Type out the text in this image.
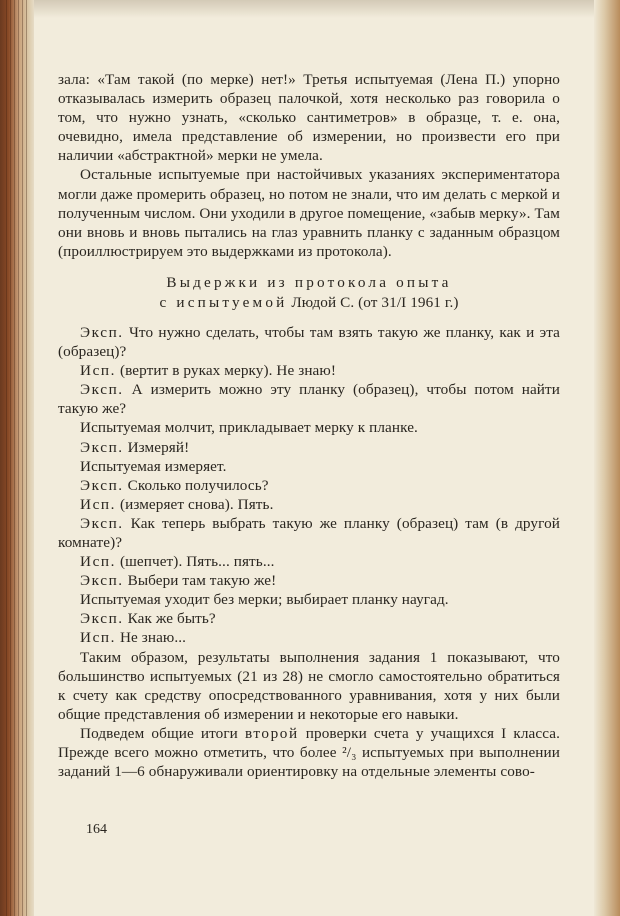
зала: «Там такой (по мерке) нет!» Третья испытуемая (Лена П.) упорно отказывалась измерить образец палочкой, хотя несколько раз говорила о том, что нужно узнать, «сколько сантиметров» в образце, т. е. она, очевидно, имела представление об измерении, но произвести его при наличии «абстрактной» мерки не умела.

Остальные испытуемые при настойчивых указаниях экспериментатора могли даже промерить образец, но потом не знали, что им делать с меркой и полученным числом. Они уходили в другое помещение, «забыв мерку». Там они вновь и вновь пытались на глаз уравнить планку с заданным образцом (проиллюстрируем это выдержками из протокола).

Выдержки из протокола опыта
с испытуемой Людой С. (от 31/I 1961 г.)

Эксп. Что нужно сделать, чтобы там взять такую же планку, как и эта (образец)?

Исп. (вертит в руках мерку). Не знаю!

Эксп. А измерить можно эту планку (образец), чтобы потом найти такую же?

Испытуемая молчит, прикладывает мерку к планке.

Эксп. Измеряй!

Испытуемая измеряет.

Эксп. Сколько получилось?

Исп. (измеряет снова). Пять.

Эксп. Как теперь выбрать такую же планку (образец) там (в другой комнате)?

Исп. (шепчет). Пять... пять...

Эксп. Выбери там такую же!

Испытуемая уходит без мерки; выбирает планку наугад.

Эксп. Как же быть?

Исп. Не знаю...

Таким образом, результаты выполнения задания 1 показывают, что большинство испытуемых (21 из 28) не смогло самостоятельно обратиться к счету как средству опосредствованного уравнивания, хотя у них были общие представления об измерении и некоторые его навыки.

Подведем общие итоги второй проверки счета у учащихся I класса. Прежде всего можно отметить, что более ²/₃ испытуемых при выполнении заданий 1—6 обнаруживали ориентировку на отдельные элементы сово-

164
